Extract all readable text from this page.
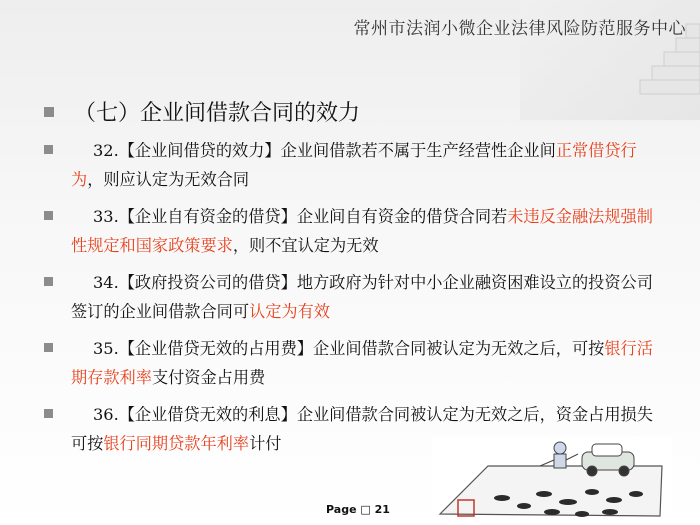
常州市法润小微企业法律风险防范服务中心
（七）企业间借款合同的效力
32.【企业间借贷的效力】企业间借款若不属于生产经营性企业间正常借贷行为，则应认定为无效合同
33.【企业自有资金的借贷】企业间自有资金的借贷合同若未违反金融法规强制性规定和国家政策要求，则不宜认定为无效
34.【政府投资公司的借贷】地方政府为针对中小企业融资困难设立的投资公司签订的企业间借款合同可认定为有效
35.【企业借贷无效的占用费】企业间借款合同被认定为无效之后，可按银行活期存款利率支付资金占用费
36.【企业借贷无效的利息】企业间借款合同被认定为无效之后，资金占用损失可按银行同期贷款年利率计付
Page □ 21
